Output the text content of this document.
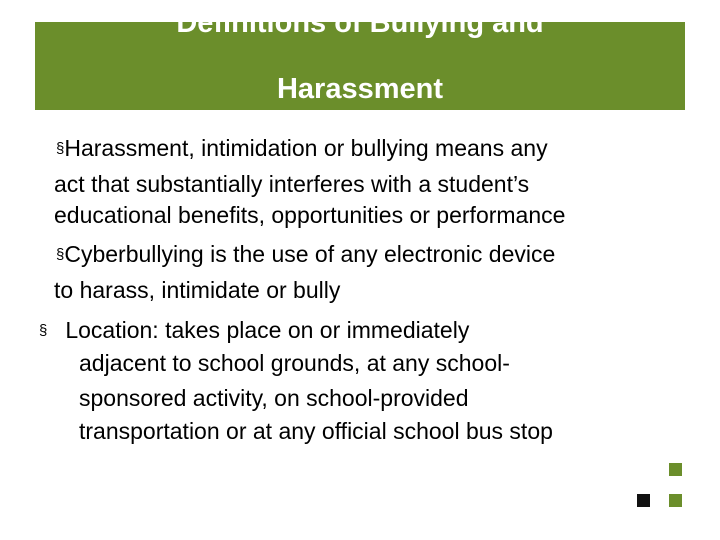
Definitions of Bullying and
Harassment
ORS 339.351
§Harassment, intimidation or bullying means any
act that substantially interferes with a student’s
educational benefits, opportunities or performance
§Cyberbullying is the use of any electronic device
to harass, intimidate or bully
§ Location: takes place on or immediately
adjacent to school grounds, at any school-
sponsored activity, on school-provided
transportation or at any official school bus stop
